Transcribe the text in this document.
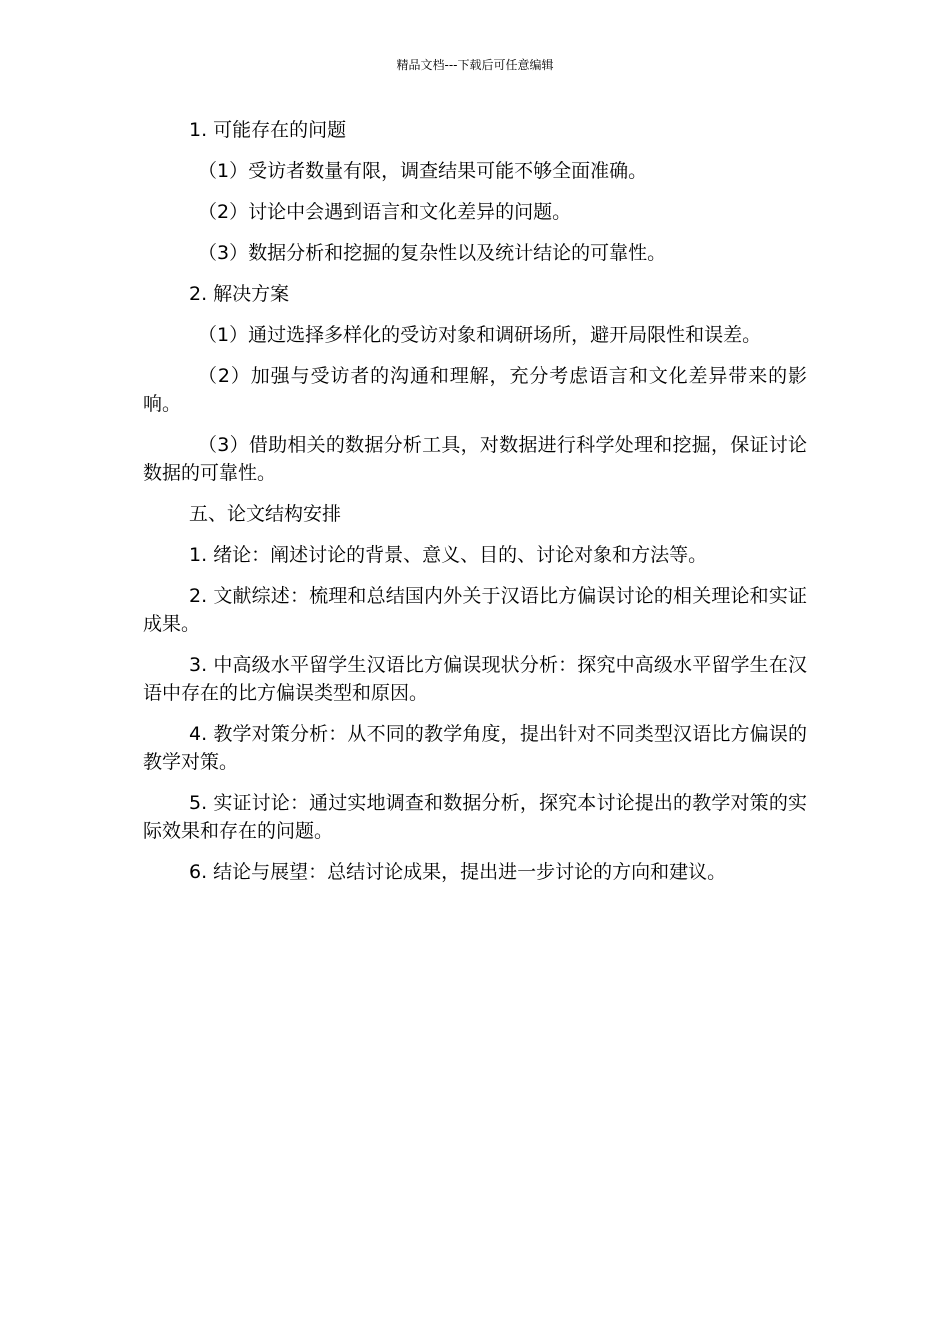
精品文档---下载后可任意编辑

1. 可能存在的问题

（1）受访者数量有限，调查结果可能不够全面准确。

（2）讨论中会遇到语言和文化差异的问题。

（3）数据分析和挖掘的复杂性以及统计结论的可靠性。

2. 解决方案

（1）通过选择多样化的受访对象和调研场所，避开局限性和误差。

（2）加强与受访者的沟通和理解，充分考虑语言和文化差异带来的影响。

（3）借助相关的数据分析工具，对数据进行科学处理和挖掘，保证讨论数据的可靠性。

五、论文结构安排

1. 绪论：阐述讨论的背景、意义、目的、讨论对象和方法等。

2. 文献综述：梳理和总结国内外关于汉语比方偏误讨论的相关理论和实证成果。

3. 中高级水平留学生汉语比方偏误现状分析：探究中高级水平留学生在汉语中存在的比方偏误类型和原因。

4. 教学对策分析：从不同的教学角度，提出针对不同类型汉语比方偏误的教学对策。

5. 实证讨论：通过实地调查和数据分析，探究本讨论提出的教学对策的实际效果和存在的问题。

6. 结论与展望：总结讨论成果，提出进一步讨论的方向和建议。
